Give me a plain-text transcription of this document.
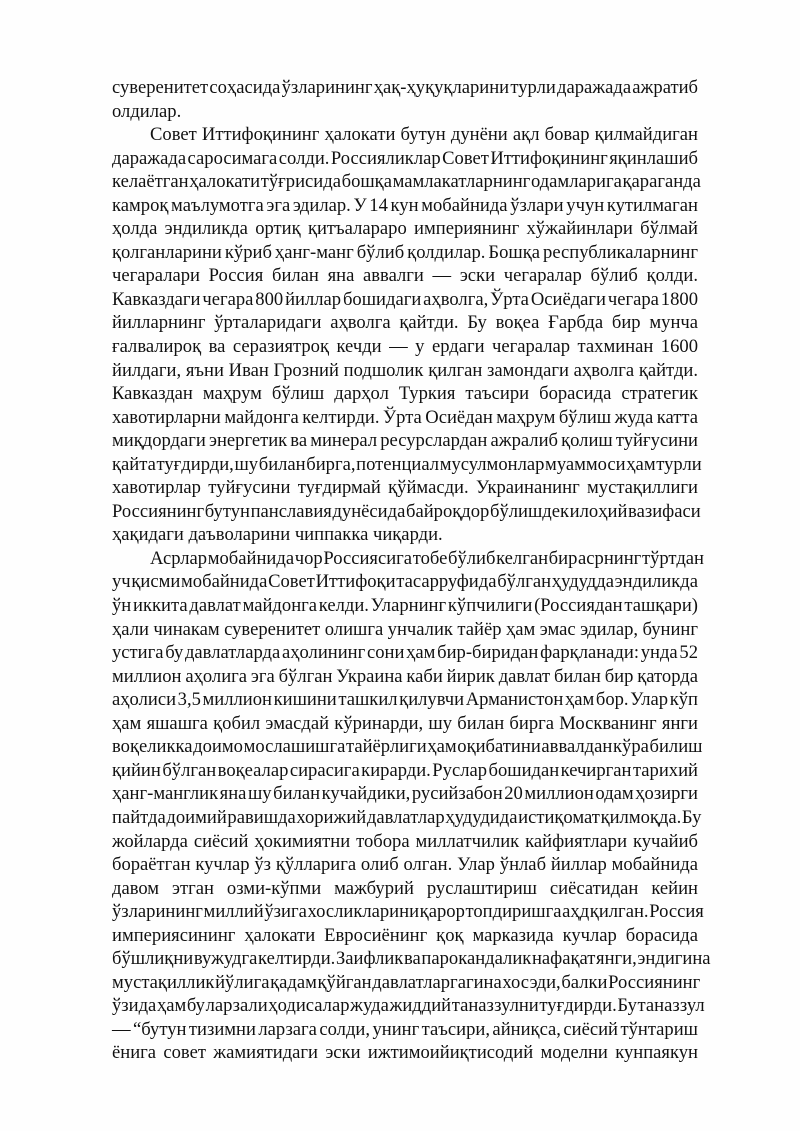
суверенитет соҳасида ўзларининг ҳақ-ҳуқуқларини турли даражада ажратиб
олдилар.
Совет Иттифоқининг ҳалокати бутун дунёни ақл бовар қилмайдиган
даражада саросимага солди. Россияликлар Совет Иттифоқининг яқинлашиб
келаётган ҳалокати тўғрисида бошқа мамлакатларнинг одамларига қараганда
камроқ маълумотга эга эдилар. У 14 кун мобайнида ўзлари учун кутилмаган
ҳолда эндиликда ортиқ қитъалараро империянинг хўжайинлари бўлмай
қолганларини кўриб ҳанг-манг бўлиб қолдилар. Бошқа республикаларнинг
чегаралари Россия билан яна аввалги — эски чегаралар бўлиб қолди.
Кавказдаги чегара 800 йиллар бошидаги аҳволга, Ўрта Осиёдаги чегара 1800
йилларнинг ўрталаридаги аҳволга қайтди. Бу воқеа Ғарбда бир мунча
ғалвалироқ ва серазиятроқ кечди — у ердаги чегаралар тахминан 1600
йилдаги, яъни Иван Грозний подшолик қилган замондаги аҳволга қайтди.
Кавказдан маҳрум бўлиш дарҳол Туркия таъсири борасида стратегик
хавотирларни майдонга келтирди. Ўрта Осиёдан маҳрум бўлиш жуда катта
миқдордаги энергетик ва минерал ресурслардан ажралиб қолиш туйғусини
қайта туғдирди, шу билан бирга, потенциал мусулмонлар муаммоси ҳам турли
хавотирлар туйғусини туғдирмай қўймасди. Украинанинг мустақиллиги
Россиянинг бутун панславия дунёсида байроқдор бўлишдек илоҳий вазифаси
ҳақидаги даъволарини чиппакка чиқарди.
Асрлар мобайнида чор Россиясига тобе бўлиб келган бир асрнинг тўртдан
уч қисми мобайнида Совет Иттифоқи тасарруфида бўлган ҳудудда эндиликда
ўн иккита давлат майдонга келди. Уларнинг кўпчилиги (Россиядан ташқари)
ҳали чинакам суверенитет олишга унчалик тайёр ҳам эмас эдилар, бунинг
устига бу давлатларда аҳолининг сони ҳам бир-биридан фарқланади: унда 52
миллион аҳолига эга бўлган Украина каби йирик давлат билан бир қаторда
аҳолиси 3,5 миллион кишини ташкил қилувчи Арманистон ҳам бор. Улар кўп
ҳам яшашга қобил эмасдай кўринарди, шу билан бирга Москванинг янги
воқеликка доимо мослашишга тайёрлиги ҳам оқибатини аввалдан кўра билиш
қийин бўлган воқеалар сирасига кирарди. Руслар бошидан кечирган тарихий
ҳанг-манглик яна шу билан кучайдики, русийзабон 20 миллион одам ҳозирги
пайтда доимий равишда хорижий давлатлар ҳудудида истиқомат қилмоқда. Бу
жойларда сиёсий ҳокимиятни тобора миллатчилик кайфиятлари кучайиб
бораётган кучлар ўз қўлларига олиб олган. Улар ўнлаб йиллар мобайнида
давом этган озми-кўпми мажбурий руслаштириш сиёсатидан кейин
ўзларининг миллий ўзига хосликларини қарор топдиришга аҳд қилган. Россия
империясининг ҳалокати Евросиёнинг қоқ марказида кучлар борасида
бўшлиқни вужудга келтирди. Заифлик ва парокандалик нафақат янги, эндигина
мустақиллик йўлига қадам қўйган давлатларгагина хос эди, балки Россиянинг
ўзида ҳам бу ларзали ҳодисалар жуда жиддий таназзулни туғдирди. Бу таназзул
— “бутун тизимни ларзага солди, унинг таъсири, айниқса, сиёсий тўнтариш
ёнига совет жамиятидаги эски ижтимоийиқтисодий моделни кунпаякун
